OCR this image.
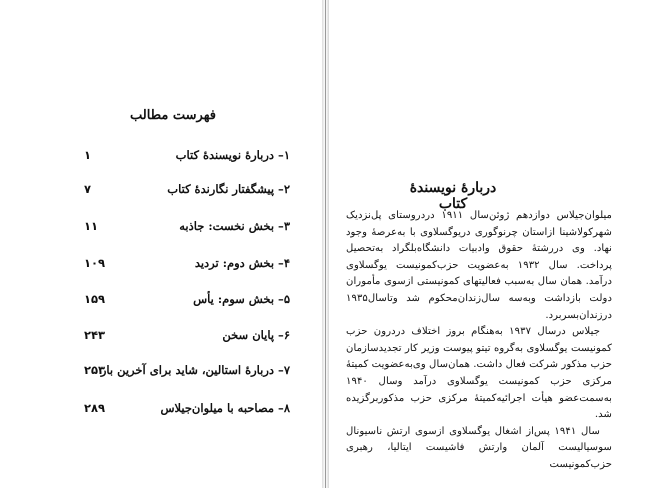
فهرست مطالب
۱– دربارهٔ نویسندهٔ کتاب
۱
۲– پیشگفتار نگارندهٔ کتاب
۷
۳– بخش نخست: جاذبه
۱۱
۴– بخش دوم: تردید
۱۰۹
۵– بخش سوم: یأس
۱۵۹
۶– پایان سخن
۲۴۳
۷– دربارهٔ استالین، شاید برای آخرین بار
۲۵۳
۸– مصاحبه با میلوان‌جیلاس
۲۸۹
دربارهٔ نویسندهٔ کتاب

میلوان‌جیلاس دوازدهم ژوئن‌سال ۱۹۱۱ دردروستای پل‌نزدیک شهرکولاشینا ازاستان چرنوگوری دریوگسلاوی با به‌عرصهٔ وجود نهاد. وی دررشتهٔ حقوق وادبیات دانشگاه‌بلگراد به‌تحصیل پرداخت. سال ۱۹۳۲ به‌عضویت حزب‌کمونیست یوگسلاوی درآمد. همان سال به‌سبب فعالیتهای کمونیستی ازسوی مأموران دولت بازداشت وبه‌سه سال‌زندان‌محکوم شد وتاسال‌۱۹۳۵ درزندان‌بسربرد.

جیلاس درسال ۱۹۳۷ به‌هنگام بروز اختلاف دردرون حزب کمونیست یوگسلاوی به‌گروه تیتو پیوست وزیر کار تجدیدسازمان حزب مذکور شرکت فعال داشت. همان‌سال وی‌به‌عضویت کمیتهٔ مرکزی حزب کمونیست یوگسلاوی درآمد وسال ۱۹۴۰ به‌سمت‌عضو هیأت اجرائیه‌کمیتهٔ مرکزی حزب مذکوربرگزیده شد.

سال ۱۹۴۱ پس‌از اشغال یوگسلاوی ازسوی ارتش ناسیونال سوسیالیست آلمان وارتش فاشیست ایتالیا، رهبری حزب‌کمونیست
